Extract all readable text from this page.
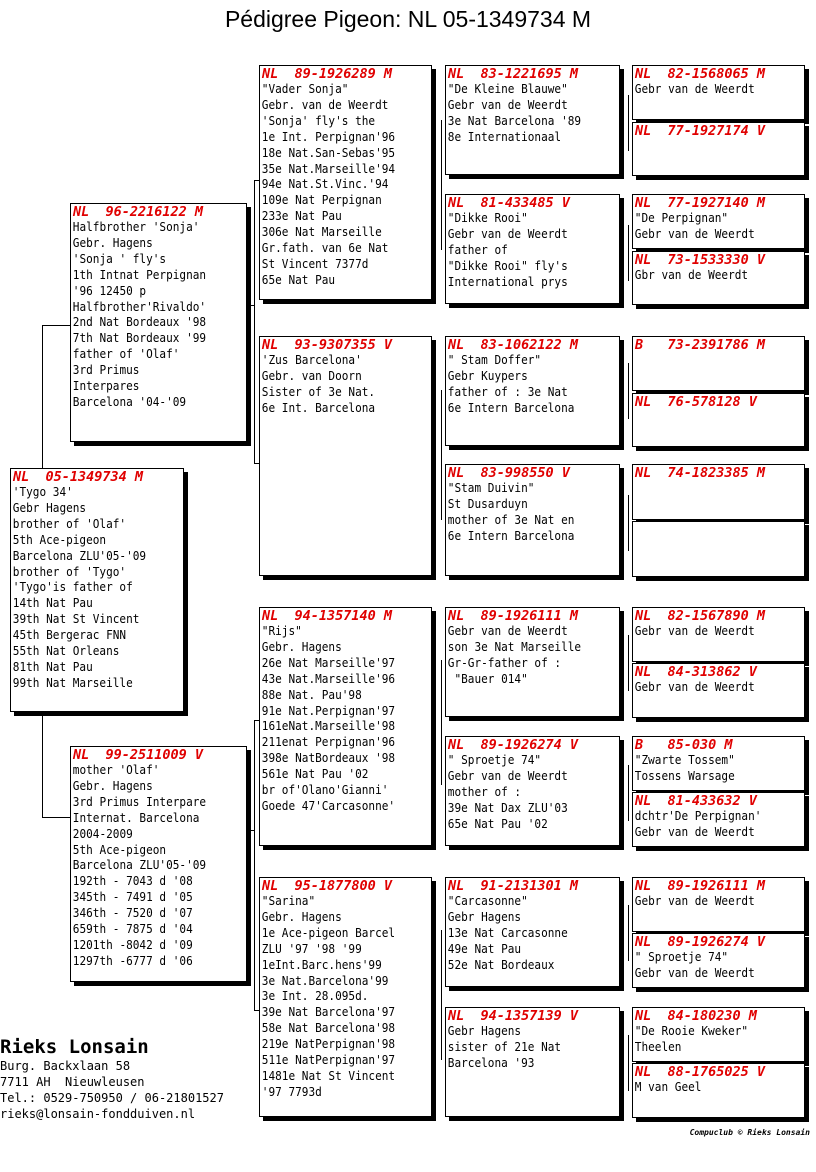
Pédigree Pigeon: NL 05-1349734 M
NL  05-1349734 M
'Tygo 34'
Gebr Hagens
brother of 'Olaf'
5th Ace-pigeon
Barcelona ZLU'05-'09
brother of 'Tygo'
'Tygo'is father of
14th Nat Pau
39th Nat St Vincent
45th Bergerac FNN
55th Nat Orleans
81th Nat Pau
99th Nat Marseille
NL  96-2216122 M
Halfbrother 'Sonja'
Gebr. Hagens
'Sonja ' fly's
1th Intnat Perpignan
'96 12450 p
Halfbrother'Rivaldo'
2nd Nat Bordeaux '98
7th Nat Bordeaux '99
father of 'Olaf'
3rd Primus
Interpares
Barcelona '04-'09
NL  99-2511009 V
mother 'Olaf'
Gebr. Hagens
3rd Primus Interpare
Internat. Barcelona
2004-2009
5th Ace-pigeon
Barcelona ZLU'05-'09
192th - 7043 d '08
345th - 7491 d '05
346th - 7520 d '07
659th - 7875 d '04
1201th -8042 d '09
1297th -6777 d '06
NL  89-1926289 M
"Vader Sonja"
Gebr. van de Weerdt
'Sonja' fly's the
1e Int. Perpignan'96
18e Nat.San-Sebas'95
35e Nat.Marseille'94
94e Nat.St.Vinc.'94
109e Nat Perpignan
233e Nat Pau
306e Nat Marseille
Gr.fath. van 6e Nat
St Vincent 7377d
65e Nat Pau
NL  93-9307355 V
'Zus Barcelona'
Gebr. van Doorn
Sister of 3e Nat.
6e Int. Barcelona
NL  94-1357140 M
"Rijs"
Gebr. Hagens
26e Nat Marseille'97
43e Nat.Marseille'96
88e Nat. Pau'98
91e Nat.Perpignan'97
161eNat.Marseille'98
211enat Perpignan'96
398e NatBordeaux '98
561e Nat Pau '02
br of'Olano'Gianni'
Goede 47'Carcasonne'
NL  95-1877800 V
"Sarina"
Gebr. Hagens
1e Ace-pigeon Barcel
ZLU '97 '98 '99
1eInt.Barc.hens'99
3e Nat.Barcelona'99
3e Int. 28.095d.
39e Nat Barcelona'97
58e Nat Barcelona'98
219e NatPerpignan'98
511e NatPerpignan'97
1481e Nat St Vincent
'97 7793d
NL  83-1221695 M
"De Kleine Blauwe"
Gebr van de Weerdt
3e Nat Barcelona '89
8e Internationaal
NL  81-433485 V
"Dikke Rooi"
Gebr van de Weerdt
father of
"Dikke Rooi" fly's
International prys
NL  83-1062122 M
" Stam Doffer"
Gebr Kuypers
father of : 3e Nat
6e Intern Barcelona
NL  83-998550 V
"Stam Duivin"
St Dusarduyn
mother of 3e Nat en
6e Intern Barcelona
NL  89-1926111 M
Gebr van de Weerdt
son 3e Nat Marseille
Gr-Gr-father of :
"Bauer 014"
NL  89-1926274 V
" Sproetje 74"
Gebr van de Weerdt
mother of :
39e Nat Dax ZLU'03
65e Nat Pau '02
NL  91-2131301 M
"Carcasonne"
Gebr Hagens
13e Nat Carcasonne
49e Nat Pau
52e Nat Bordeaux
NL  94-1357139 V
Gebr Hagens
sister of 21e Nat
Barcelona '93
NL  82-1568065 M
Gebr van de Weerdt
NL  77-1927174 V
NL  77-1927140 M
"De Perpignan"
Gebr van de Weerdt
NL  73-1533330 V
Gbr van de Weerdt
B   73-2391786 M
NL  76-578128 V
NL  74-1823385 M
NL  82-1567890 M
Gebr van de Weerdt
NL  84-313862 V
Gebr van de Weerdt
B   85-030 M
"Zwarte Tossem"
Tossens Warsage
NL  81-433632 V
dchtr'De Perpignan'
Gebr van de Weerdt
NL  89-1926111 M
Gebr van de Weerdt
NL  89-1926274 V
" Sproetje 74"
Gebr van de Weerdt
NL  84-180230 M
"De Rooie Kweker"
Theelen
NL  88-1765025 V
M van Geel
Rieks Lonsain
Burg. Backxlaan 58
7711 AH  Nieuwleusen
Tel.: 0529-750950 / 06-21801527
rieks@lonsain-fondduiven.nl
Compuclub © Rieks Lonsain
